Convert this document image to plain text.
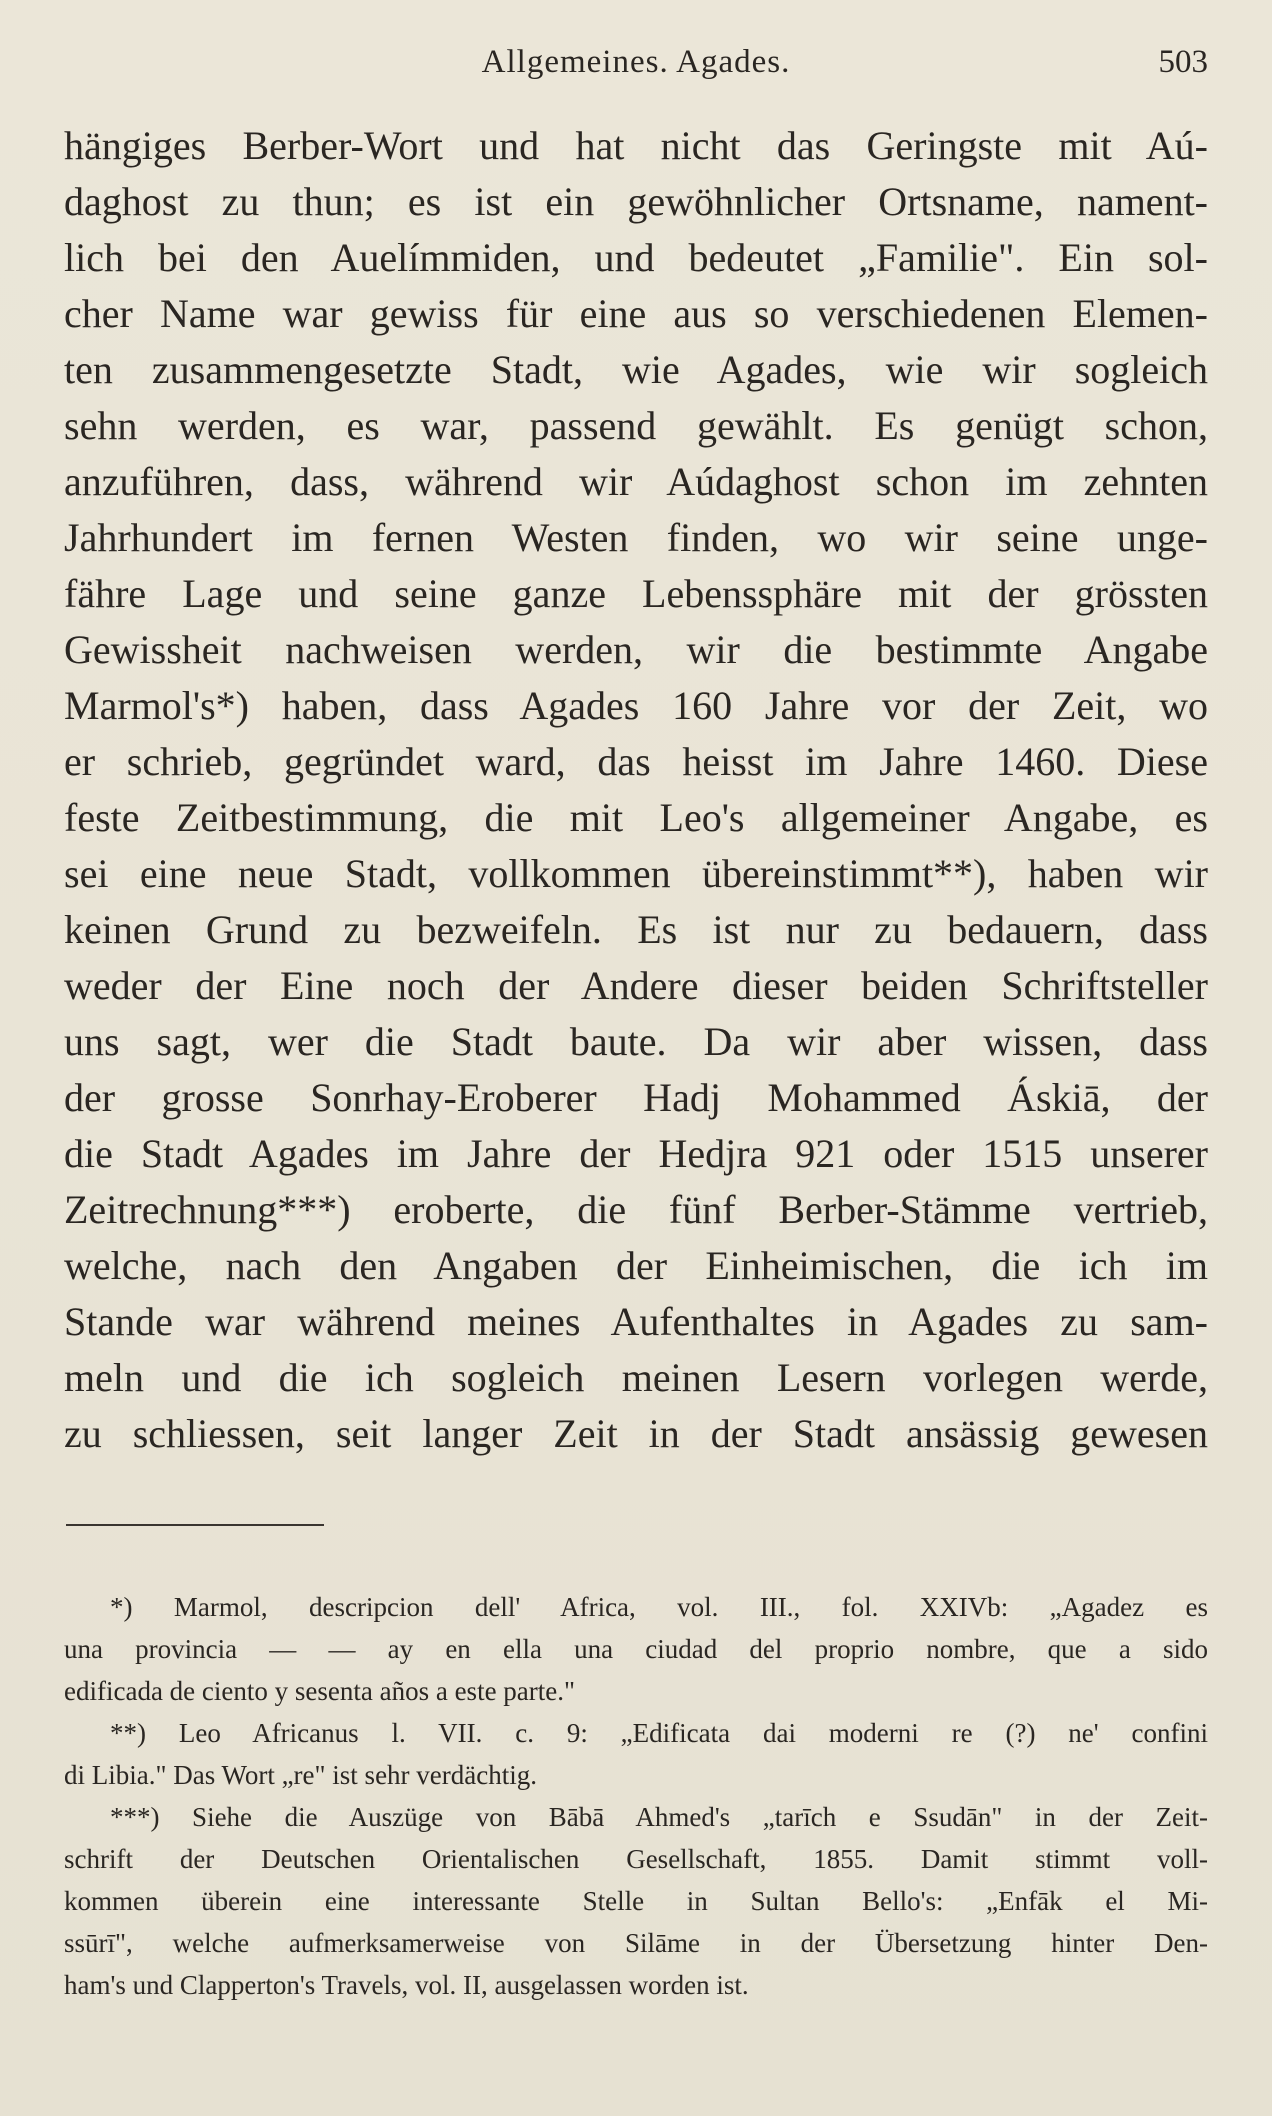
Allgemeines. Agades.	503
hängiges Berber-Wort und hat nicht das Geringste mit Aú-
daghost zu thun; es ist ein gewöhnlicher Ortsname, nament-
lich bei den Auelímmiden, und bedeutet „Familie". Ein sol-
cher Name war gewiss für eine aus so verschiedenen Elemen-
ten zusammengesetzte Stadt, wie Agades, wie wir sogleich
sehn werden, es war, passend gewählt. Es genügt schon,
anzuführen, dass, während wir Aúdaghost schon im zehnten
Jahrhundert im fernen Westen finden, wo wir seine unge-
fähre Lage und seine ganze Lebenssphäre mit der grössten
Gewissheit nachweisen werden, wir die bestimmte Angabe
Marmol's*) haben, dass Agades 160 Jahre vor der Zeit, wo
er schrieb, gegründet ward, das heisst im Jahre 1460. Diese
feste Zeitbestimmung, die mit Leo's allgemeiner Angabe, es
sei eine neue Stadt, vollkommen übereinstimmt**), haben wir
keinen Grund zu bezweifeln. Es ist nur zu bedauern, dass
weder der Eine noch der Andere dieser beiden Schriftsteller
uns sagt, wer die Stadt baute. Da wir aber wissen, dass
der grosse Sonrhay-Eroberer Hadj Mohammed Áskiā, der
die Stadt Agades im Jahre der Hedjra 921 oder 1515 unserer
Zeitrechnung***) eroberte, die fünf Berber-Stämme vertrieb,
welche, nach den Angaben der Einheimischen, die ich im
Stande war während meines Aufenthaltes in Agades zu sam-
meln und die ich sogleich meinen Lesern vorlegen werde,
zu schliessen, seit langer Zeit in der Stadt ansässig gewesen
*) Marmol, descripcion dell' Africa, vol. III., fol. XXIVb: „Agadez es
una provincia — — ay en ella una ciudad del proprio nombre, que a sido
edificada de ciento y sesenta años a este parte."
**) Leo Africanus l. VII. c. 9: „Edificata dai moderni re (?) ne' confini
di Libia." Das Wort „re" ist sehr verdächtig.
***) Siehe die Auszüge von Bābā Ahmed's „tarīch e Ssudān" in der Zeit-
schrift der Deutschen Orientalischen Gesellschaft, 1855. Damit stimmt voll-
kommen überein eine interessante Stelle in Sultan Bello's: „Enfāk el Mi-
ssūrī", welche aufmerksamerweise von Silāme in der Übersetzung hinter Den-
ham's und Clapperton's Travels, vol. II, ausgelassen worden ist.
